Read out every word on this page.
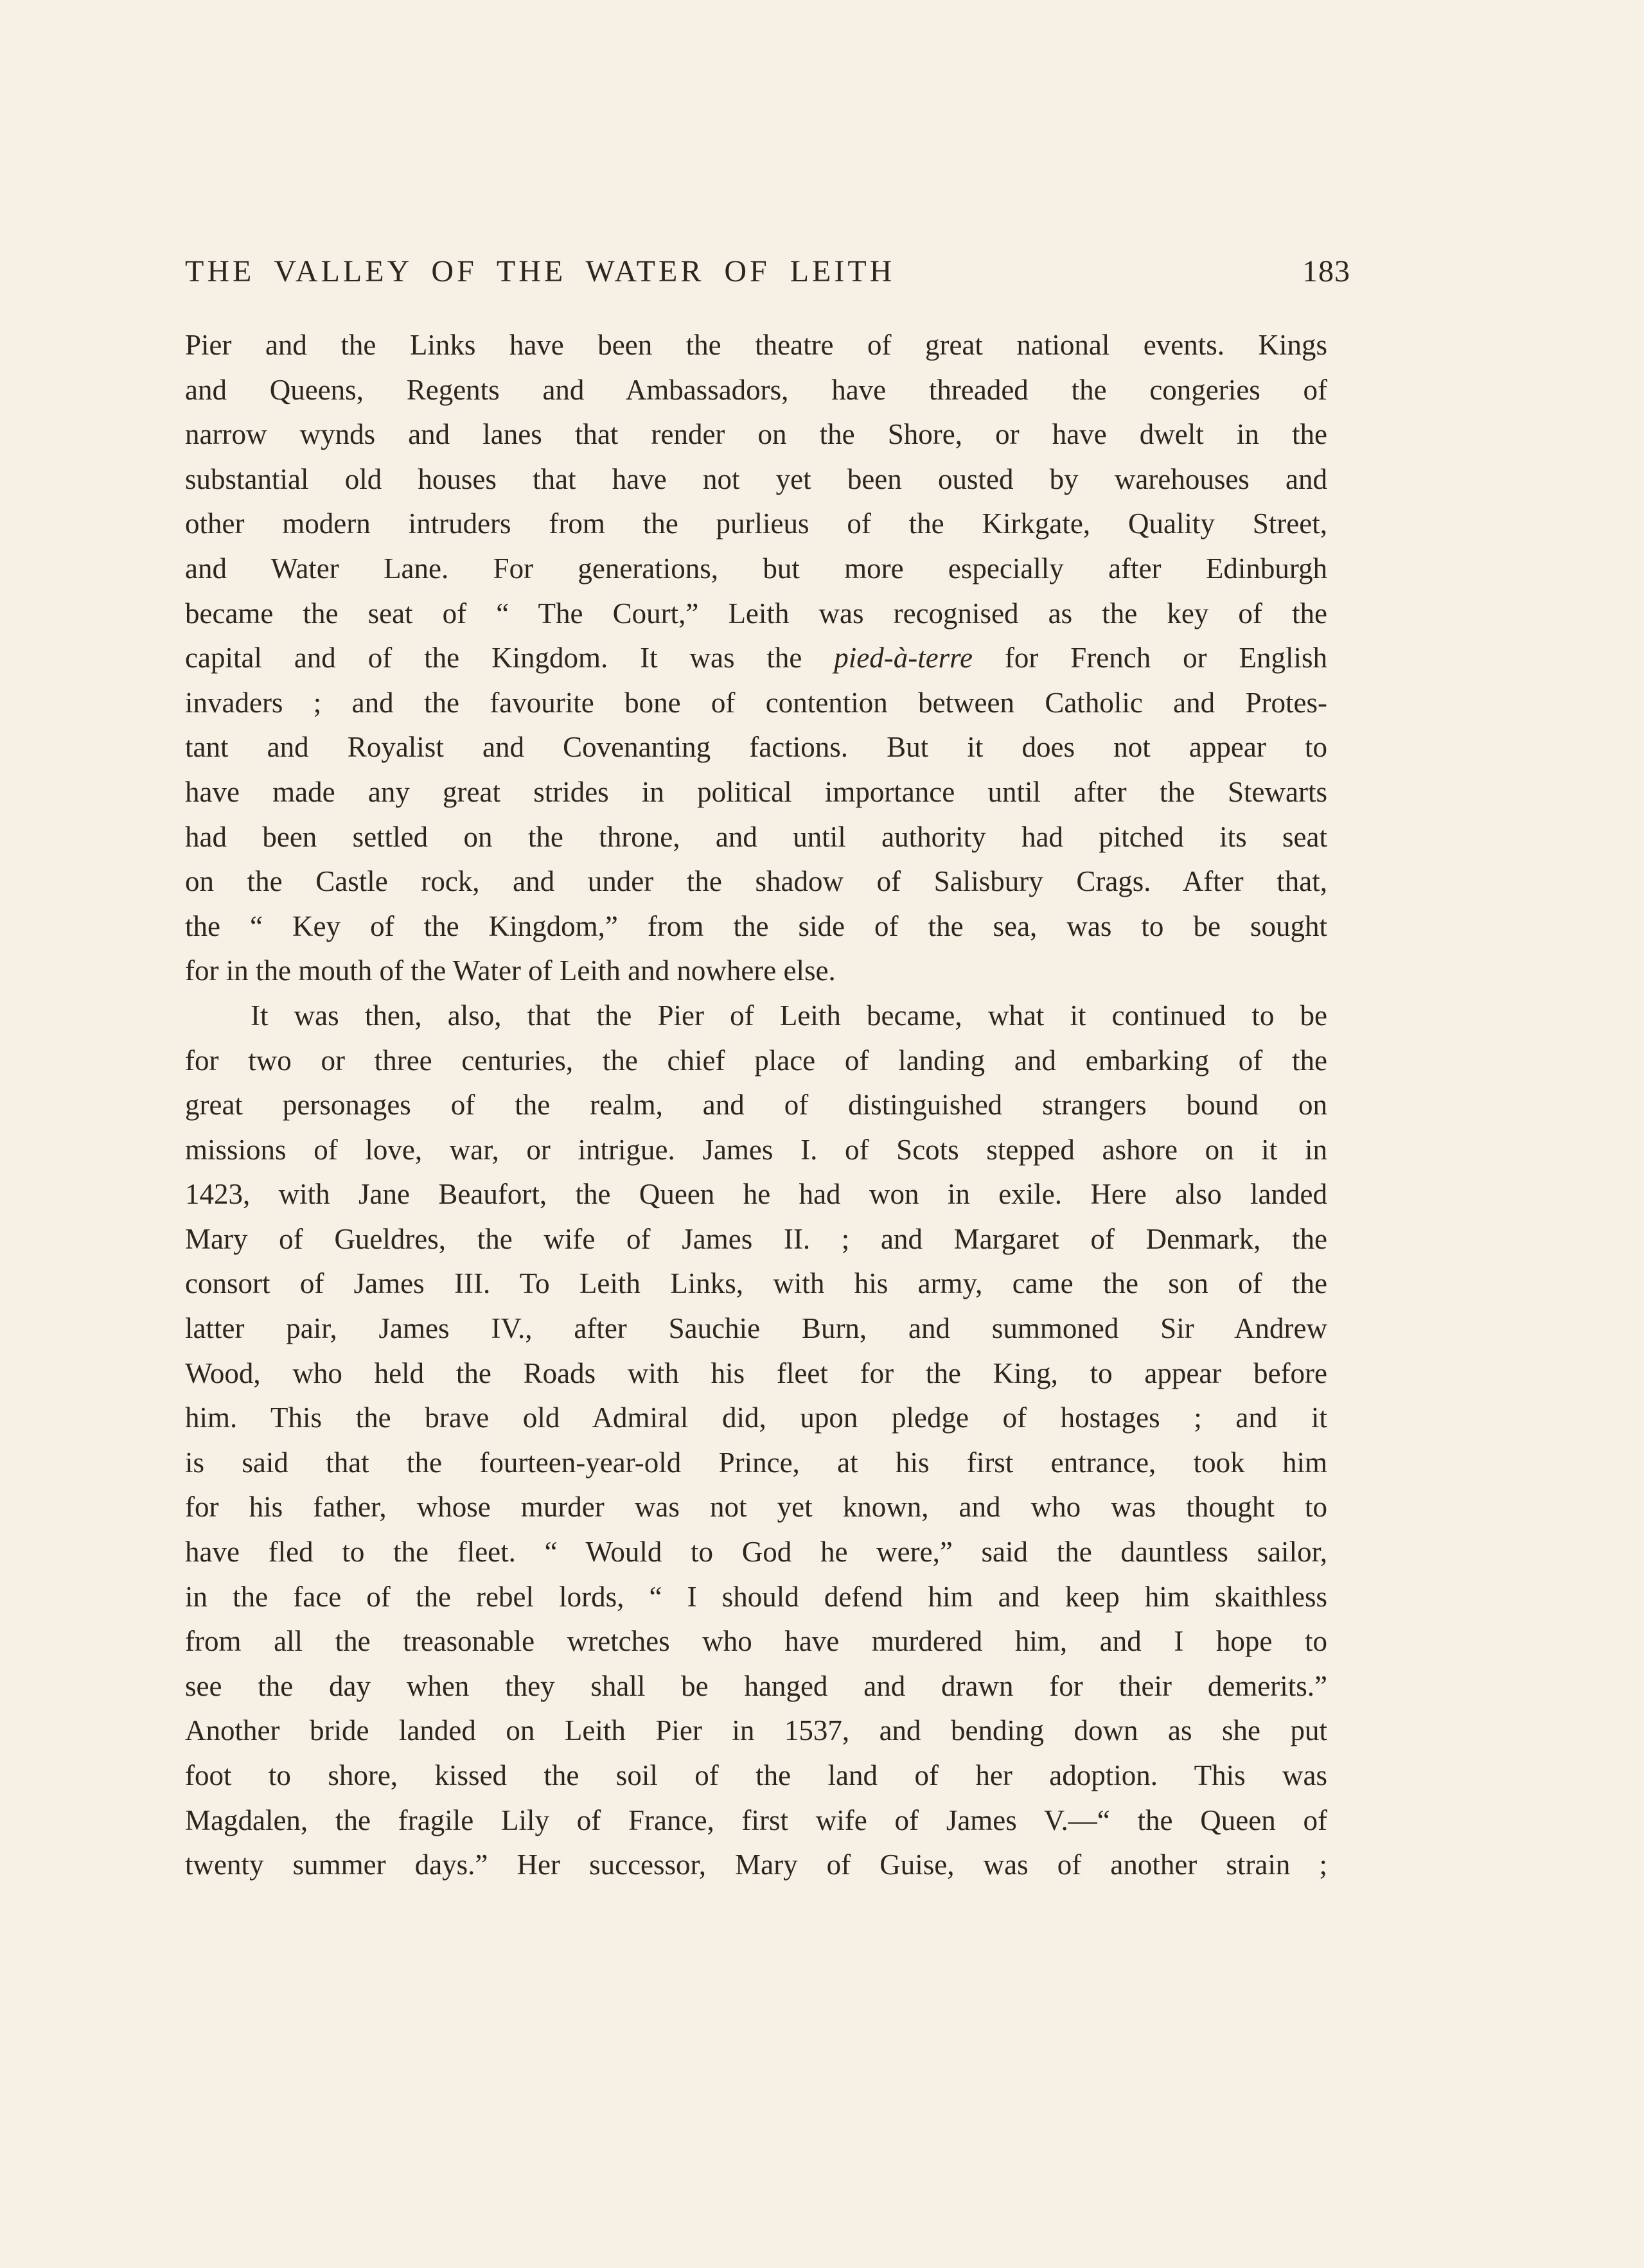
THE VALLEY OF THE WATER OF LEITH	183
Pier and the Links have been the theatre of great national events. Kings
and Queens, Regents and Ambassadors, have threaded the congeries of
narrow wynds and lanes that render on the Shore, or have dwelt in the
substantial old houses that have not yet been ousted by warehouses and
other modern intruders from the purlieus of the Kirkgate, Quality Street,
and Water Lane. For generations, but more especially after Edinburgh
became the seat of “ The Court,” Leith was recognised as the key of the
capital and of the Kingdom. It was the pied-à-terre for French or English
invaders ; and the favourite bone of contention between Catholic and Protes-
tant and Royalist and Covenanting factions. But it does not appear to
have made any great strides in political importance until after the Stewarts
had been settled on the throne, and until authority had pitched its seat
on the Castle rock, and under the shadow of Salisbury Crags. After that,
the “ Key of the Kingdom,” from the side of the sea, was to be sought
for in the mouth of the Water of Leith and nowhere else.
It was then, also, that the Pier of Leith became, what it continued to be
for two or three centuries, the chief place of landing and embarking of the
great personages of the realm, and of distinguished strangers bound on
missions of love, war, or intrigue. James I. of Scots stepped ashore on it in
1423, with Jane Beaufort, the Queen he had won in exile. Here also landed
Mary of Gueldres, the wife of James II. ; and Margaret of Denmark, the
consort of James III. To Leith Links, with his army, came the son of the
latter pair, James IV., after Sauchie Burn, and summoned Sir Andrew
Wood, who held the Roads with his fleet for the King, to appear before
him. This the brave old Admiral did, upon pledge of hostages ; and it
is said that the fourteen-year-old Prince, at his first entrance, took him
for his father, whose murder was not yet known, and who was thought to
have fled to the fleet. “ Would to God he were,” said the dauntless sailor,
in the face of the rebel lords, “ I should defend him and keep him skaithless
from all the treasonable wretches who have murdered him, and I hope to
see the day when they shall be hanged and drawn for their demerits.”
Another bride landed on Leith Pier in 1537, and bending down as she put
foot to shore, kissed the soil of the land of her adoption. This was
Magdalen, the fragile Lily of France, first wife of James V.—“ the Queen of
twenty summer days.” Her successor, Mary of Guise, was of another strain ;
